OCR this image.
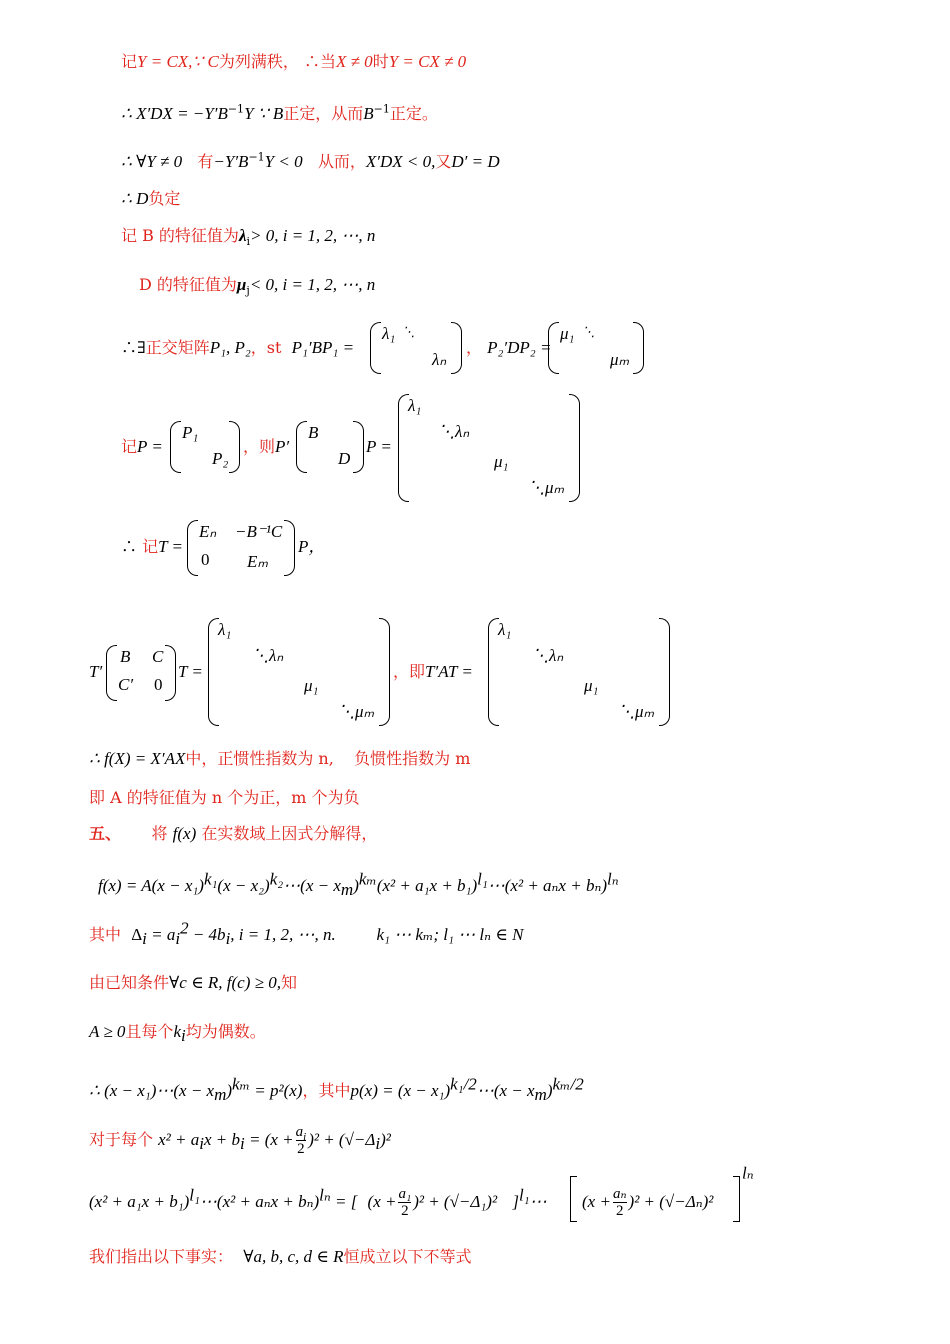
记Y = CX,∵ C为列满秩， ∴当X ≠ 0时Y = CX ≠ 0
∴ $X'DX = -Y'B^{-1}Y$ ∵ B正定，从而$B^{-1}$正定。
∴ ∀Y ≠ 0 有$-Y'B^{-1}Y < 0$ 从而，X′DX < 0,又D′ = D
∴ D负定
记 B 的特征值为$\lambda_i> 0$, i = 1, 2, ⋯, n
D 的特征值为$\mu_j< 0$, i = 1, 2, ⋯, n
∴∃正交矩阵P₁, P₂，st P₁′BP₁ =
λ₁ ⋱
λₙ
， P₂′DP₂ =
μ₁ ⋱
μₘ
记P =
P₁
P₂
，则P′
B
D
P =
λ₁
⋱λₙ
μ₁
⋱μₘ
∴ 记T =
Eₙ −B⁻¹C
0 Eₘ
P，
T′
B C
C′ 0
T =
λ₁
⋱λₙ
μ₁
⋱μₘ
，即T′AT =
λ₁
⋱λₙ
μ₁
⋱μₘ
∴ f(X) = X′AX中，正惯性指数为 n, 负惯性指数为 m
即 A 的特征值为 n 个为正，m 个为负
五、 将 f(x) 在实数域上因式分解得，
$f(x) = A(x - x_1)^{k_1}(x$ − $x_2)^{k_2}\cdots(x - x_m)^{k_m}(x^2 + a_1x$ + $b_1)^{l_1}\cdots(x^2 + a_nx + b_n)^{l_n}$
其中 $\Delta_i = a_i^2 - 4b_i$, i = 1, 2, ⋯, n. k₁ ⋯ kₘ; l₁ ⋯ lₙ ∈ N
由已知条件∀c ∈ R, f(c) ≥ 0,知
A ≥ 0且每个$k_i$均为偶数。
∴ (x − x₁)⋯(x − $x_m)^{k_m} = p^2(x)$，其中$p(x) = (x - x_1)^{k_1/2}\cdots(x - x_m)^{k_m/2}$
对于每个 $x^2 + a_ix + b_i = (x + \frac{a_i}{2} )^2 + (√-\Delta_i)^2$
$(x^2 + a_1x + b_1)^{l_1}\cdots(x^2 + a_nx + b_n)^{l_n}$ = [ $(x + \frac{\text{a₁}}{2} )^2 + (√-\Delta_1)^2$ ]$^{l_1}$⋯ $(x + \frac{\text{aₙ}}{2} )^2 + (√-\Delta_n)^2$
$^{l_n}$
我们指出以下事实： ∀a, b, c, d ∈ R恒成立以下不等式
